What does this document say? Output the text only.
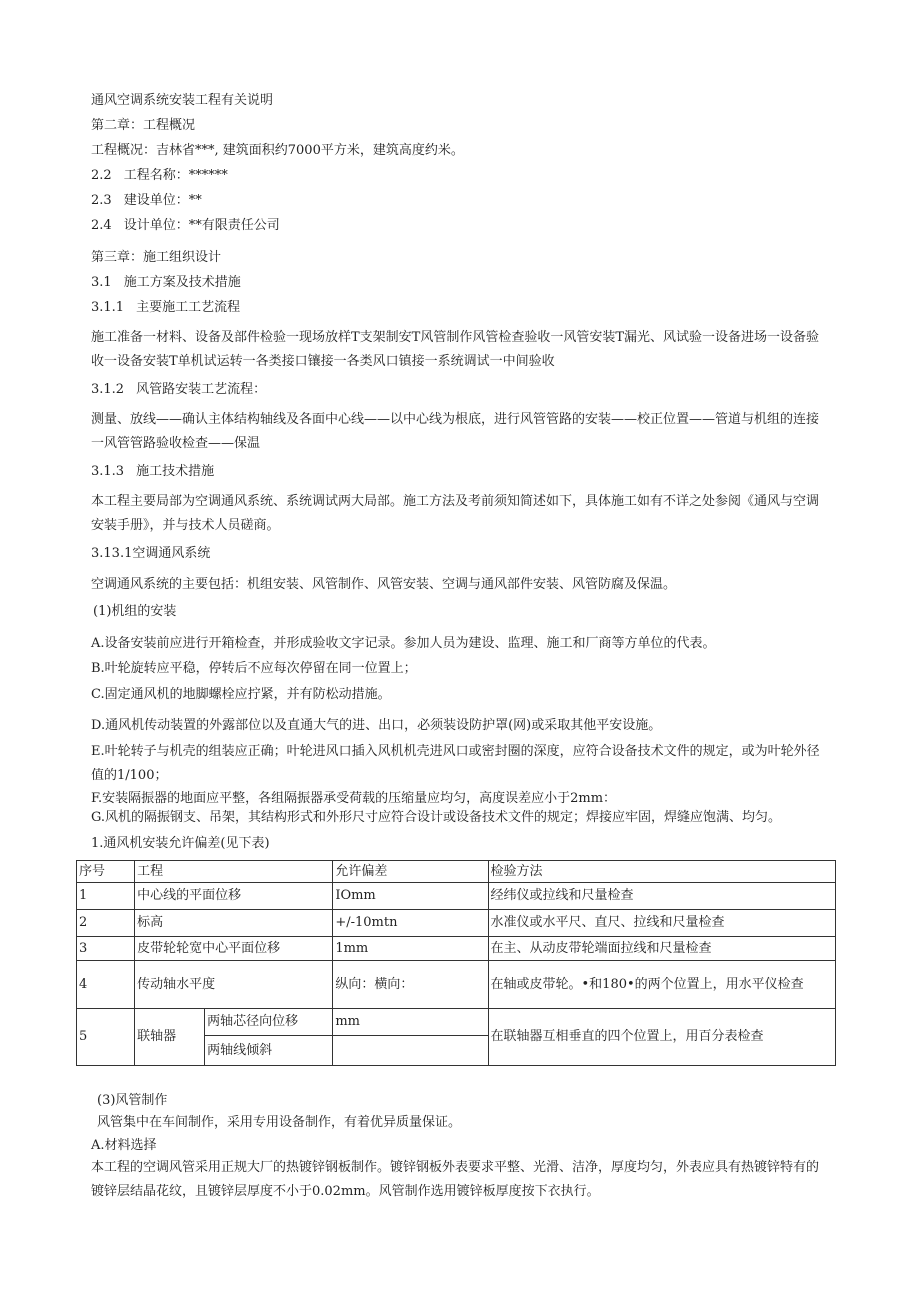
通风空调系统安装工程有关说明
第二章：工程概况
工程概况：吉林省***, 建筑面积约7000平方米，建筑高度约米。
2.2 工程名称：******
2.3 建设单位：**
2.4 设计单位：**有限责任公司
第三章：施工组织设计
3.1 施工方案及技术措施
3.1.1 主要施工工艺流程
施工准备一材料、设备及部件检验一现场放样T支架制安T风管制作风管检查验收一风管安装T漏光、风试验一设备进场一设备验收一设备安装T单机试运转一各类接口镶接一各类风口镇接一系统调试一中间验收
3.1.2 风管路安装工艺流程：
测量、放线——确认主体结构轴线及各面中心线——以中心线为根底，进行风管管路的安装——校正位置——管道与机组的连接一风管管路验收检查——保温
3.1.3 施工技术措施
本工程主要局部为空调通风系统、系统调试两大局部。施工方法及考前须知简述如下，具体施工如有不详之处参阅《通风与空调安装手册》，并与技术人员磋商。
3.13.1空调通风系统
空调通风系统的主要包括：机组安装、风管制作、风管安装、空调与通风部件安装、风管防腐及保温。
(1)机组的安装
A.设备安装前应进行开箱检查，并形成验收文字记录。参加人员为建设、监理、施工和厂商等方单位的代表。
B.叶轮旋转应平稳，停转后不应每次停留在同一位置上；
C.固定通风机的地脚螺栓应拧紧，并有防松动措施。
D.通风机传动装置的外露部位以及直通大气的进、出口，必须装设防护罩(网)或采取其他平安设施。
E.叶轮转子与机壳的组装应正确；叶轮进风口插入风机机壳进风口或密封圈的深度，应符合设备技术文件的规定，或为叶轮外径值的1/100；
F.安装隔振器的地面应平整，各组隔振器承受荷载的压缩量应均匀，高度误差应小于2mm：
G.风机的隔振钢支、吊架，其结构形式和外形尺寸应符合设计或设备技术文件的规定；焊接应牢固，焊缝应饱满、均匀。
1.通风机安装允许偏差(见下表)
序号	工程		允许偏差	检验方法
1	中心线的平面位移		IOmm	经纬仪或拉线和尺量检查
2	标高		+/-10mtn	水准仪或水平尺、直尺、拉线和尺量检查
3	皮带轮轮宽中心平面位移		1mm	在主、从动皮带轮端面拉线和尺量检查
4	传动轴水平度		纵向：横向：	在轴或皮带轮。•和180•的两个位置上，用水平仪检查
5	联轴器	两轴芯径向位移	mm	在联轴器互相垂直的四个位置上，用百分表检查
		两轴线倾斜		
(3)风管制作
风管集中在车间制作，采用专用设备制作，有着优异质量保证。
A.材料选择
本工程的空调风管采用正规大厂的热镀锌钢板制作。镀锌钢板外表要求平整、光滑、洁净，厚度均匀，外表应具有热镀锌特有的镀锌层结晶花纹，且镀锌层厚度不小于0.02mm。风管制作选用镀锌板厚度按下衣执行。
